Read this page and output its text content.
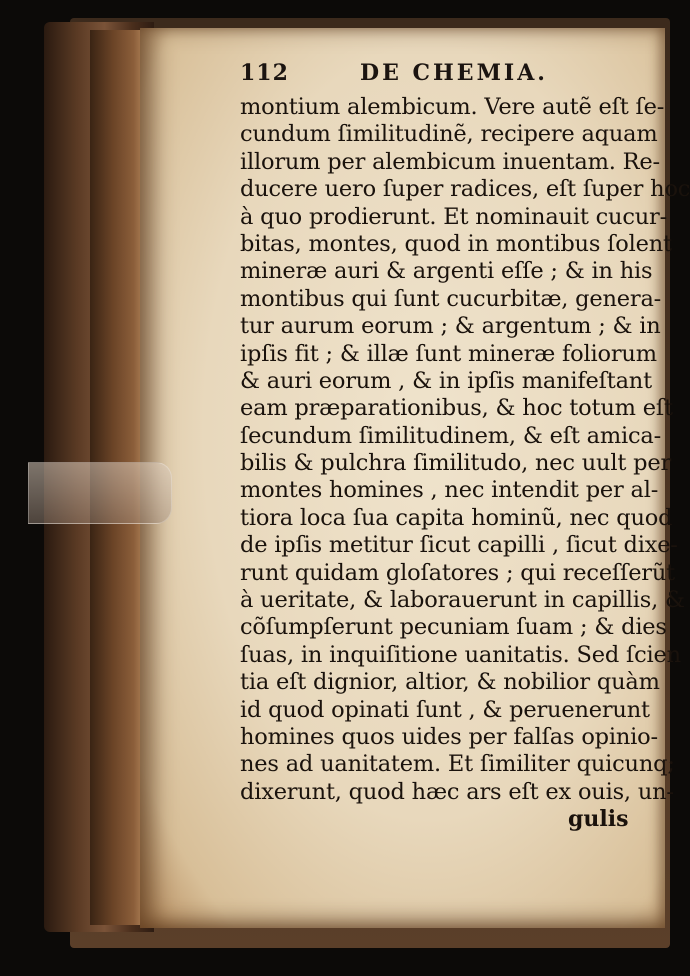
112	DE CHEMIA.
montium alembicum. Vere autẽ eſt ſe-
cundum ſimilitudinẽ, recipere aquam
illorum per alembicum inuentam. Re-
ducere uero ſuper radices, eſt ſuper hoc
à quo prodierunt. Et nominauit cucur-
bitas, montes, quod in montibus ſolent
mineræ auri & argenti eſſe ; & in his
montibus qui ſunt cucurbitæ, genera-
tur aurum eorum ; & argentum ; & in
ipſis fit ; & illæ ſunt mineræ foliorum
& auri eorum , & in ipſis manifeſtant
eam præparationibus, & hoc totum eſt
ſecundum ſimilitudinem, & eſt amica-
bilis & pulchra ſimilitudo, nec uult per
montes homines , nec intendit per al-
tiora loca ſua capita hominũ, nec quod
de ipſis metitur ſicut capilli , ſicut dixe-
runt quidam gloſatores ; qui receſſerũt
à ueritate, & laborauerunt in capillis, &
cõſumpſerunt pecuniam ſuam ; & dies
ſuas, in inquiſitione uanitatis. Sed ſcien
tia eſt dignior, altior, & nobilior quàm
id quod opinati ſunt , & peruenerunt
homines quos uides per falſas opinio-
nes ad uanitatem. Et ſimiliter quicunq;
dixerunt, quod hæc ars eſt ex ouis, un-
gulis
